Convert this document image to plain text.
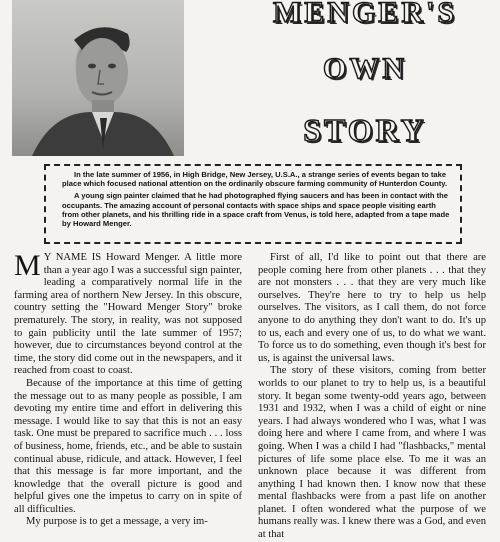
MENGER'S
OWN
STORY

In the late summer of 1956, in High Bridge, New Jersey, U.S.A., a strange series of events began to take place which focused national attention on the ordinarily obscure farming community of Hunterdon County.

A young sign painter claimed that he had photographed flying saucers and has been in contact with the occupants. The amazing account of personal contacts with space ships and space people visiting earth from other planets, and his thrilling ride in a space craft from Venus, is told here, adapted from a tape made by Howard Menger.

M Y NAME IS Howard Menger. A little more than a year ago I was a successful sign painter, leading a comparatively normal life in the farming area of northern New Jersey. In this obscure, country setting the "Howard Menger Story" broke prematurely. The story, in reality, was not supposed to gain publicity until the late summer of 1957; however, due to circumstances beyond control at the time, the story did come out in the newspapers, and it reached from coast to coast.

Because of the importance at this time of getting the message out to as many people as possible, I am devoting my entire time and effort in delivering this message. I would like to say that this is not an easy task. One must be prepared to sacrifice much . . . loss of business, home, friends, etc., and be able to sustain continual abuse, ridicule, and attack. However, I feel that this message is far more important, and the knowledge that the overall picture is good and helpful gives one the impetus to carry on in spite of all difficulties.

My purpose is to get a message, a very im-

First of all, I'd like to point out that there are people coming here from other planets . . . that they are not monsters . . . that they are very much like ourselves. They're here to try to help us help ourselves. The visitors, as I call them, do not force anyone to do anything they don't want to do. It's up to us, each and every one of us, to do what we want. To force us to do something, even though it's best for us, is against the universal laws.

The story of these visitors, coming from better worlds to our planet to try to help us, is a beautiful story. It began some twenty-odd years ago, between 1931 and 1932, when I was a child of eight or nine years. I had always wondered who I was, what I was doing here and where I came from, and where I was going. When I was a child I had "flashbacks," mental pictures of life some place else. To me it was an unknown place because it was different from anything I had known then. I know now that these mental flashbacks were from a past life on another planet. I often wondered what the purpose of we humans really was. I knew there was a God, and even at that
